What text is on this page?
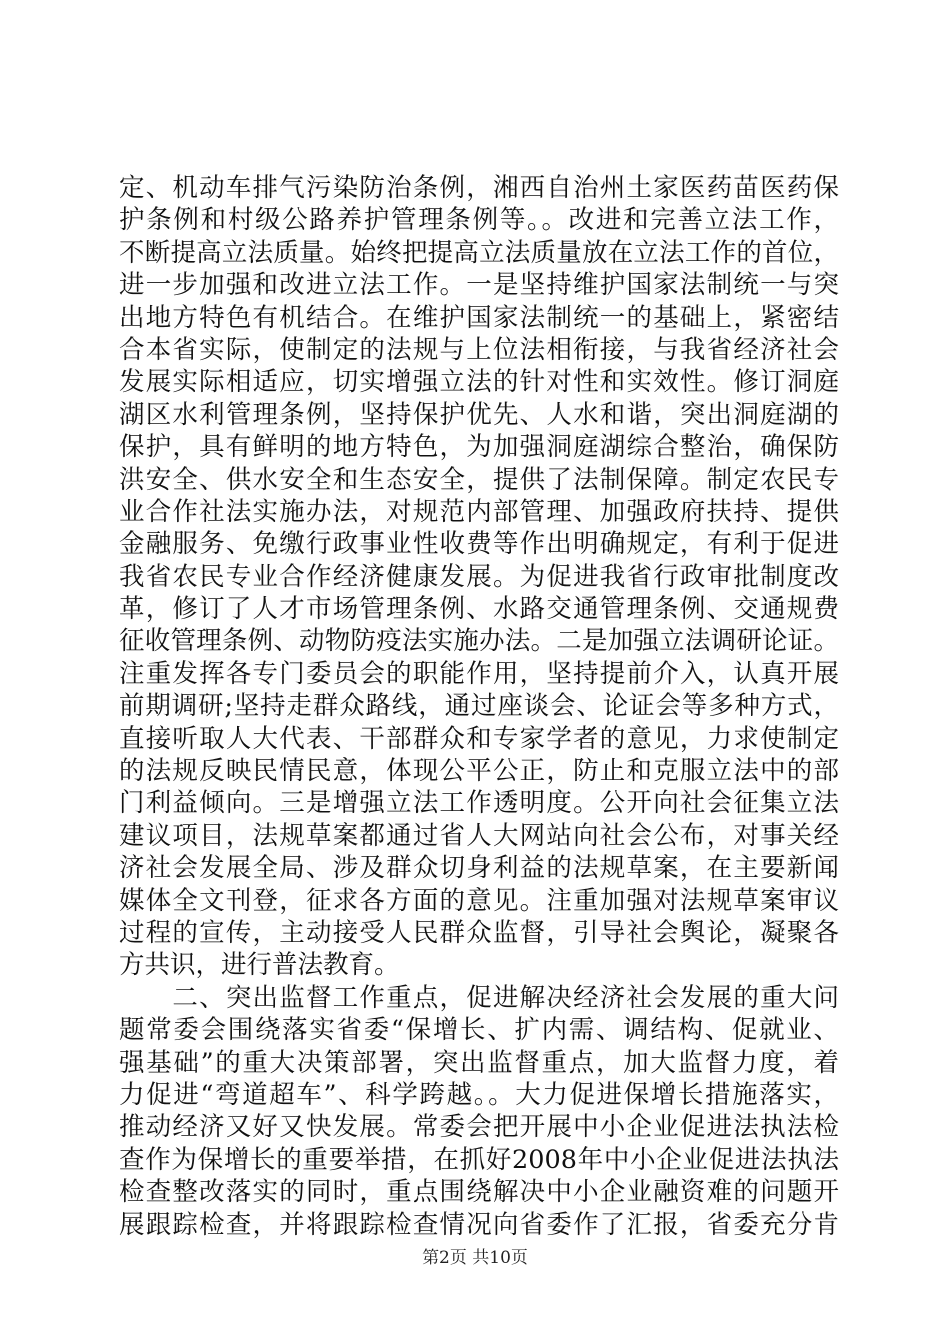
定、机动车排气污染防治条例，湘西自治州土家医药苗医药保
护条例和村级公路养护管理条例等。。改进和完善立法工作，
不断提高立法质量。始终把提高立法质量放在立法工作的首位，
进一步加强和改进立法工作。一是坚持维护国家法制统一与突
出地方特色有机结合。在维护国家法制统一的基础上，紧密结
合本省实际，使制定的法规与上位法相衔接，与我省经济社会
发展实际相适应，切实增强立法的针对性和实效性。修订洞庭
湖区水利管理条例，坚持保护优先、人水和谐，突出洞庭湖的
保护，具有鲜明的地方特色，为加强洞庭湖综合整治，确保防
洪安全、供水安全和生态安全，提供了法制保障。制定农民专
业合作社法实施办法，对规范内部管理、加强政府扶持、提供
金融服务、免缴行政事业性收费等作出明确规定，有利于促进
我省农民专业合作经济健康发展。为促进我省行政审批制度改
革，修订了人才市场管理条例、水路交通管理条例、交通规费
征收管理条例、动物防疫法实施办法。二是加强立法调研论证。
注重发挥各专门委员会的职能作用，坚持提前介入，认真开展
前期调研;坚持走群众路线，通过座谈会、论证会等多种方式，
直接听取人大代表、干部群众和专家学者的意见，力求使制定
的法规反映民情民意，体现公平公正，防止和克服立法中的部
门利益倾向。三是增强立法工作透明度。公开向社会征集立法
建议项目，法规草案都通过省人大网站向社会公布，对事关经
济社会发展全局、涉及群众切身利益的法规草案，在主要新闻
媒体全文刊登，征求各方面的意见。注重加强对法规草案审议
过程的宣传，主动接受人民群众监督，引导社会舆论，凝聚各
方共识，进行普法教育。
　　二、突出监督工作重点，促进解决经济社会发展的重大问
题常委会围绕落实省委“保增长、扩内需、调结构、促就业、
强基础”的重大决策部署，突出监督重点，加大监督力度，着
力促进“弯道超车”、科学跨越。。大力促进保增长措施落实，
推动经济又好又快发展。常委会把开展中小企业促进法执法检
查作为保增长的重要举措，在抓好2008年中小企业促进法执法
检查整改落实的同时，重点围绕解决中小企业融资难的问题开
展跟踪检查，并将跟踪检查情况向省委作了汇报，省委充分肯
第2页 共10页
